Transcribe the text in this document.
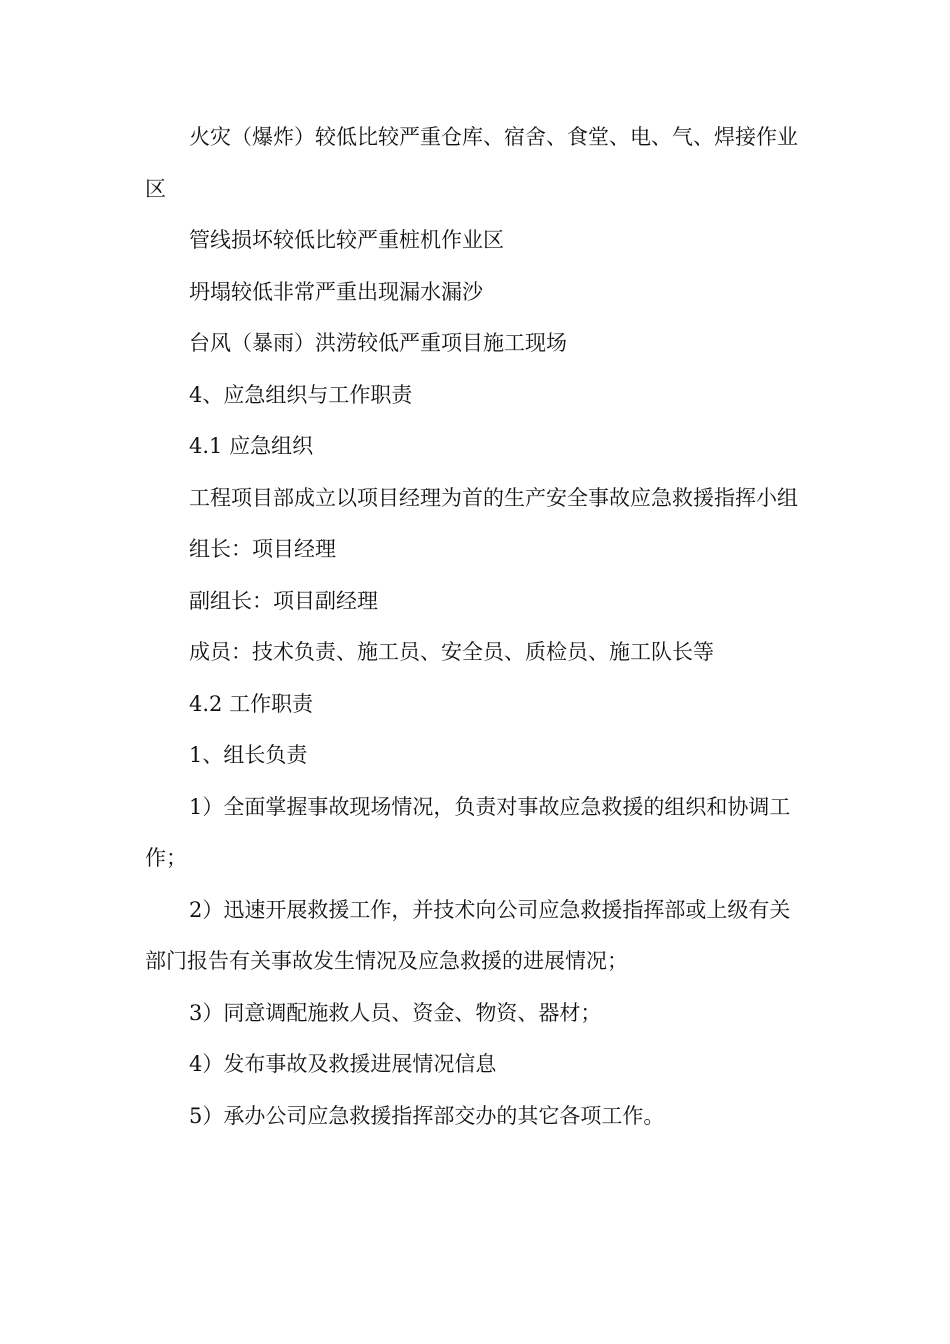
火灾（爆炸）较低比较严重仓库、宿舍、食堂、电、气、焊接作业区

管线损坏较低比较严重桩机作业区

坍塌较低非常严重出现漏水漏沙

台风（暴雨）洪涝较低严重项目施工现场

4、应急组织与工作职责

4.1 应急组织

工程项目部成立以项目经理为首的生产安全事故应急救援指挥小组

组长：项目经理

副组长：项目副经理

成员：技术负责、施工员、安全员、质检员、施工队长等

4.2 工作职责

1、组长负责

1）全面掌握事故现场情况，负责对事故应急救援的组织和协调工作；

2）迅速开展救援工作，并技术向公司应急救援指挥部或上级有关部门报告有关事故发生情况及应急救援的进展情况；

3）同意调配施救人员、资金、物资、器材；

4）发布事故及救援进展情况信息

5）承办公司应急救援指挥部交办的其它各项工作。
